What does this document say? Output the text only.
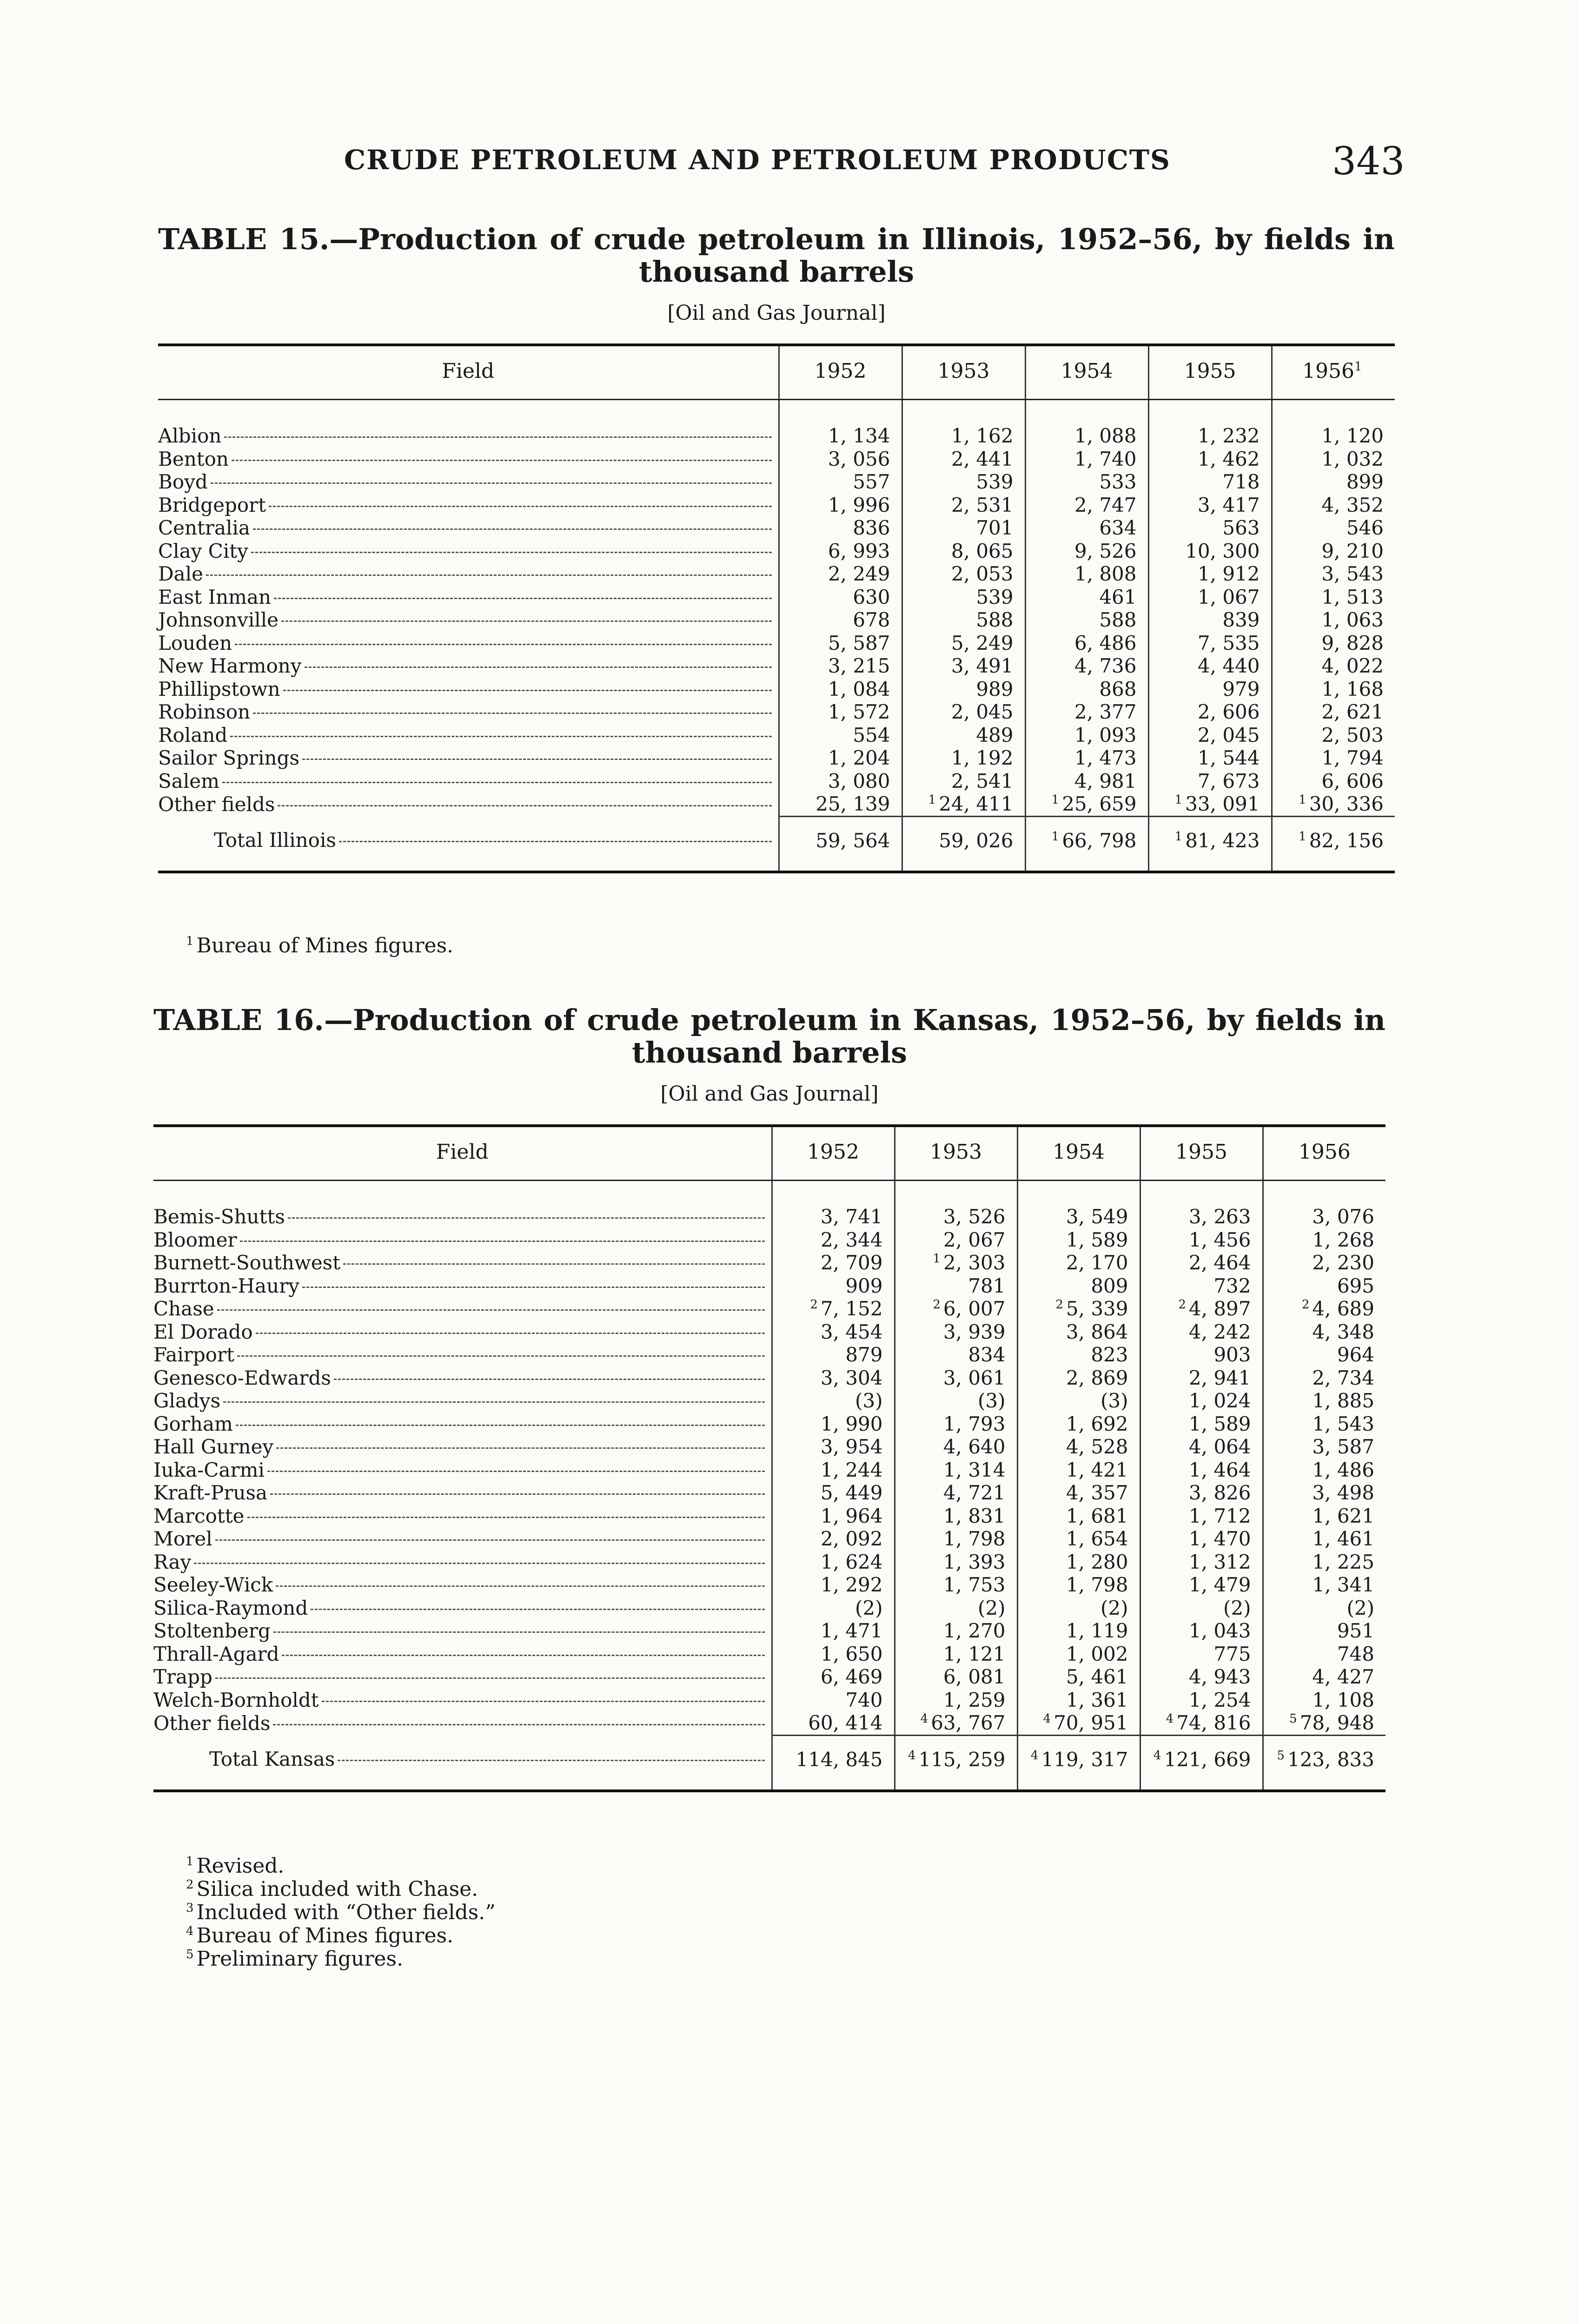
CRUDE PETROLEUM AND PETROLEUM PRODUCTS	343
TABLE 15.—Production of crude petroleum in Illinois, 1952–56, by fields in
thousand barrels
[Oil and Gas Journal]
Field	1952	1953	1954	1955	1956$^1$

Albion	1, 134	1, 162	1, 088	1, 232	1, 120

Benton	3, 056	2, 441	1, 740	1, 462	1, 032

Boyd	557	539	533	718	899

Bridgeport	1, 996	2, 531	2, 747	3, 417	4, 352

Centralia	836	701	634	563	546

Clay City	6, 993	8, 065	9, 526	10, 300	9, 210

Dale	2, 249	2, 053	1, 808	1, 912	3, 543

East Inman	630	539	461	1, 067	1, 513

Johnsonville	678	588	588	839	1, 063

Louden	5, 587	5, 249	6, 486	7, 535	9, 828

New Harmony	3, 215	3, 491	4, 736	4, 440	4, 022

Phillipstown	1, 084	989	868	979	1, 168

Robinson	1, 572	2, 045	2, 377	2, 606	2, 621

Roland	554	489	1, 093	2, 045	2, 503

Sailor Springs	1, 204	1, 192	1, 473	1, 544	1, 794

Salem	3, 080	2, 541	4, 981	7, 673	6, 606

Other fields	25, 139	$^1$ 24, 411	$^1$ 25, 659	$^1$ 33, 091	$^1$ 30, 336

Total Illinois	59, 564	59, 026	$^1$ 66, 798	$^1$ 81, 423	$^1$ 82, 156

$^1$ Bureau of Mines figures.
TABLE 16.—Production of crude petroleum in Kansas, 1952–56, by fields in
thousand barrels
[Oil and Gas Journal]
Field	1952	1953	1954	1955	1956

Bemis-Shutts	3, 741	3, 526	3, 549	3, 263	3, 076

Bloomer	2, 344	2, 067	1, 589	1, 456	1, 268

Burnett-Southwest	2, 709	$^1$ 2, 303	2, 170	2, 464	2, 230

Burrton-Haury	909	781	809	732	695

Chase	$^2$ 7, 152	$^2$ 6, 007	$^2$ 5, 339	$^2$ 4, 897	$^2$ 4, 689

El Dorado	3, 454	3, 939	3, 864	4, 242	4, 348

Fairport	879	834	823	903	964

Genesco-Edwards	3, 304	3, 061	2, 869	2, 941	2, 734

Gladys	(3)	(3)	(3)	1, 024	1, 885

Gorham	1, 990	1, 793	1, 692	1, 589	1, 543

Hall Gurney	3, 954	4, 640	4, 528	4, 064	3, 587

Iuka-Carmi	1, 244	1, 314	1, 421	1, 464	1, 486

Kraft-Prusa	5, 449	4, 721	4, 357	3, 826	3, 498

Marcotte	1, 964	1, 831	1, 681	1, 712	1, 621

Morel	2, 092	1, 798	1, 654	1, 470	1, 461

Ray	1, 624	1, 393	1, 280	1, 312	1, 225

Seeley-Wick	1, 292	1, 753	1, 798	1, 479	1, 341

Silica-Raymond	(2)	(2)	(2)	(2)	(2)

Stoltenberg	1, 471	1, 270	1, 119	1, 043	951

Thrall-Agard	1, 650	1, 121	1, 002	775	748

Trapp	6, 469	6, 081	5, 461	4, 943	4, 427

Welch-Bornholdt	740	1, 259	1, 361	1, 254	1, 108

Other fields	60, 414	$^4$ 63, 767	$^4$ 70, 951	$^4$ 74, 816	$^5$ 78, 948

Total Kansas	114, 845	$^4$ 115, 259	$^4$ 119, 317	$^4$ 121, 669	$^5$ 123, 833

$^1$ Revised.
$^2$ Silica included with Chase.
$^3$ Included with “Other fields.”
$^4$ Bureau of Mines figures.
$^5$ Preliminary figures.
